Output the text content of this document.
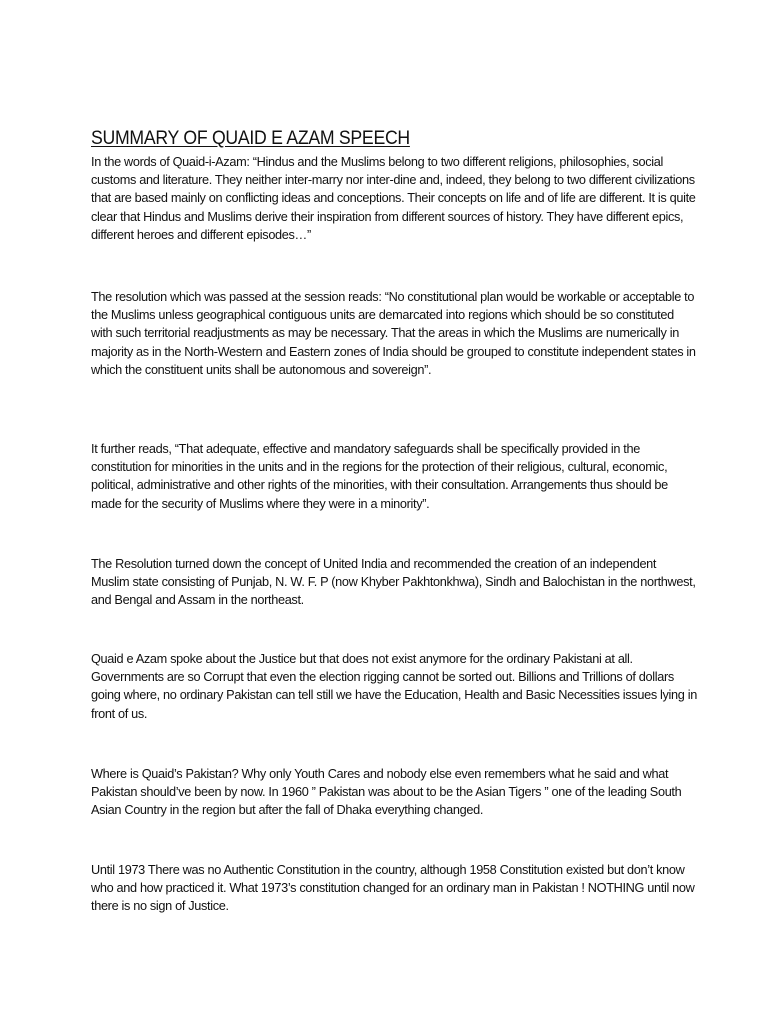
SUMMARY OF QUAID E AZAM SPEECH

In the words of Quaid-i-Azam: “Hindus and the Muslims belong to two different religions, philosophies, social customs and literature. They neither inter-marry nor inter-dine and, indeed, they belong to two different civilizations that are based mainly on conflicting ideas and conceptions. Their concepts on life and of life are different. It is quite clear that Hindus and Muslims derive their inspiration from different sources of history. They have different epics, different heroes and different episodes…”

The resolution which was passed at the session reads: “No constitutional plan would be workable or acceptable to the Muslims unless geographical contiguous units are demarcated into regions which should be so constituted with such territorial readjustments as may be necessary. That the areas in which the Muslims are numerically in majority as in the North-Western and Eastern zones of India should be grouped to constitute independent states in which the constituent units shall be autonomous and sovereign”.

It further reads, “That adequate, effective and mandatory safeguards shall be specifically provided in the constitution for minorities in the units and in the regions for the protection of their religious, cultural, economic, political, administrative and other rights of the minorities, with their consultation. Arrangements thus should be made for the security of Muslims where they were in a minority”.

The Resolution turned down the concept of United India and recommended the creation of an independent Muslim state consisting of Punjab, N. W. F. P (now Khyber Pakhtonkhwa), Sindh and Balochistan in the northwest, and Bengal and Assam in the northeast.

Quaid e Azam spoke about the Justice but that does not exist anymore for the ordinary Pakistani at all. Governments are so Corrupt that even the election rigging cannot be sorted out. Billions and Trillions of dollars going where, no ordinary Pakistan can tell still we have the Education, Health and Basic Necessities issues lying in front of us.

Where is Quaid’s Pakistan? Why only Youth Cares and nobody else even remembers what he said and what Pakistan should’ve been by now. In 1960 ” Pakistan was about to be the Asian Tigers ” one of the leading South Asian Country in the region but after the fall of Dhaka everything changed.

Until 1973 There was no Authentic Constitution in the country, although 1958 Constitution existed but don’t know who and how practiced it. What 1973’s constitution changed for an ordinary man in Pakistan ! NOTHING until now there is no sign of Justice.
